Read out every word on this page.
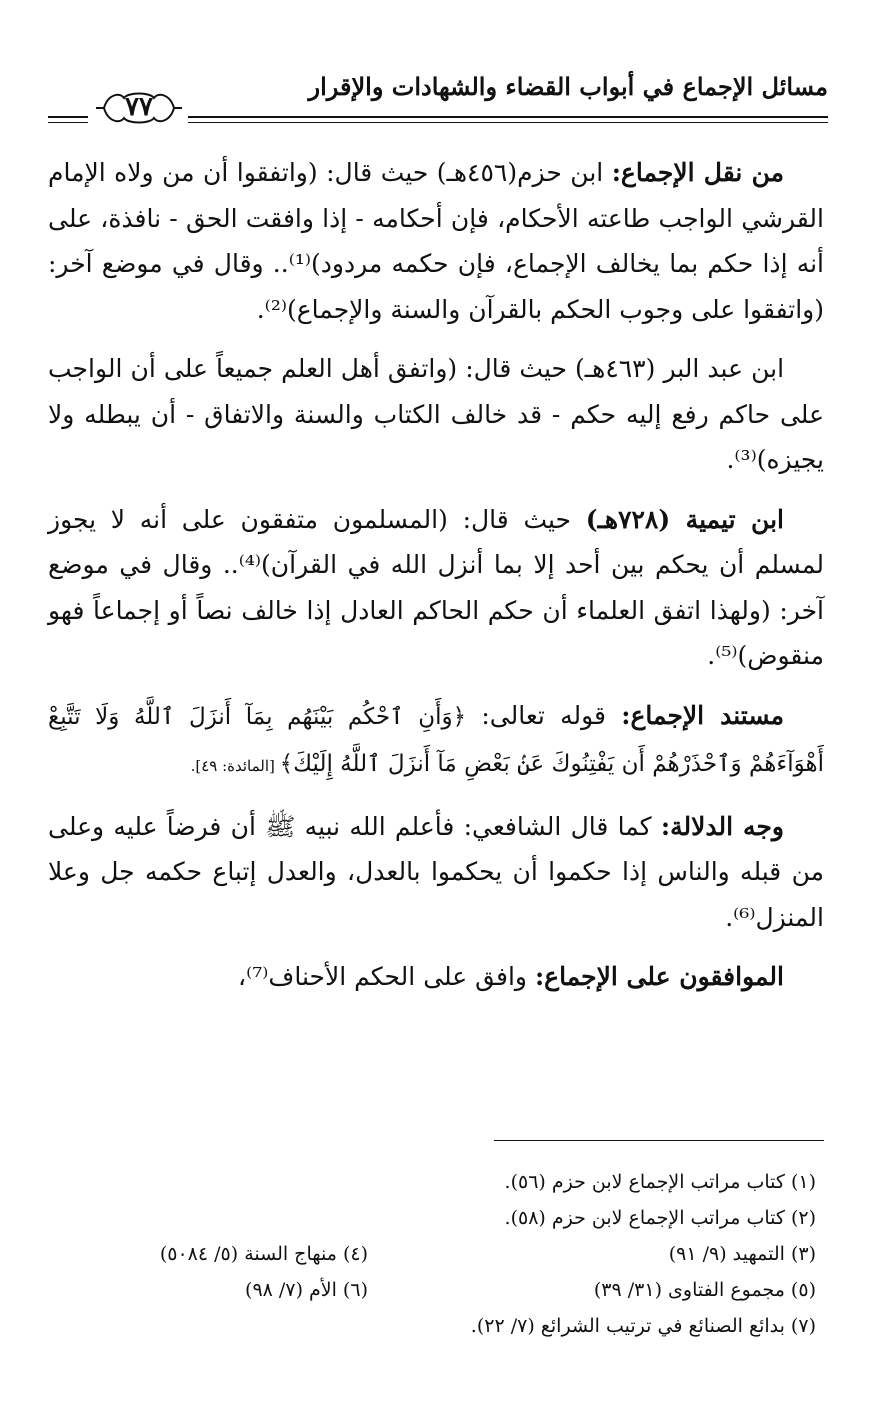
مسائل الإجماع في أبواب القضاء والشهادات والإقرار
٧٧

من نقل الإجماع: ابن حزم(٤٥٦هـ) حيث قال: (واتفقوا أن من ولاه الإمام القرشي الواجب طاعته الأحكام، فإن أحكامه - إذا وافقت الحق - نافذة، على أنه إذا حكم بما يخالف الإجماع، فإن حكمه مردود)⁽¹⁾.. وقال في موضع آخر: (واتفقوا على وجوب الحكم بالقرآن والسنة والإجماع)⁽²⁾.

ابن عبد البر (٤٦٣هـ) حيث قال: (واتفق أهل العلم جميعاً على أن الواجب على حاكم رفع إليه حكم - قد خالف الكتاب والسنة والاتفاق - أن يبطله ولا يجيزه)⁽³⁾.

ابن تيمية (٧٢٨هـ) حيث قال: (المسلمون متفقون على أنه لا يجوز لمسلم أن يحكم بين أحد إلا بما أنزل الله في القرآن)⁽⁴⁾.. وقال في موضع آخر: (ولهذا اتفق العلماء أن حكم الحاكم العادل إذا خالف نصاً أو إجماعاً فهو منقوض)⁽⁵⁾.

مستند الإجماع: قوله تعالى: ﴿وَأَنِ ٱحْكُم بَيْنَهُم بِمَآ أَنزَلَ ٱللَّهُ وَلَا تَتَّبِعْ أَهْوَآءَهُمْ وَٱحْذَرْهُمْ أَن يَفْتِنُوكَ عَنۢ بَعْضِ مَآ أَنزَلَ ٱللَّهُ إِلَيْكَ﴾ [المائدة: ٤٩].

وجه الدلالة: كما قال الشافعي: فأعلم الله نبيه ﷺ أن فرضاً عليه وعلى من قبله والناس إذا حكموا أن يحكموا بالعدل، والعدل إتباع حكمه جل وعلا المنزل⁽⁶⁾.

الموافقون على الإجماع: وافق على الحكم الأحناف⁽⁷⁾،

(١) كتاب مراتب الإجماع لابن حزم (٥٦).
(٢) كتاب مراتب الإجماع لابن حزم (٥٨).
(٣) التمهيد (٩/ ٩١)
(٥) مجموع الفتاوى (٣١/ ٣٩)
(٧) بدائع الصنائع في ترتيب الشرائع (٧/ ٢٢).
(٤) منهاج السنة (٥/ ٥٠٨٤)
(٦) الأم (٧/ ٩٨)
